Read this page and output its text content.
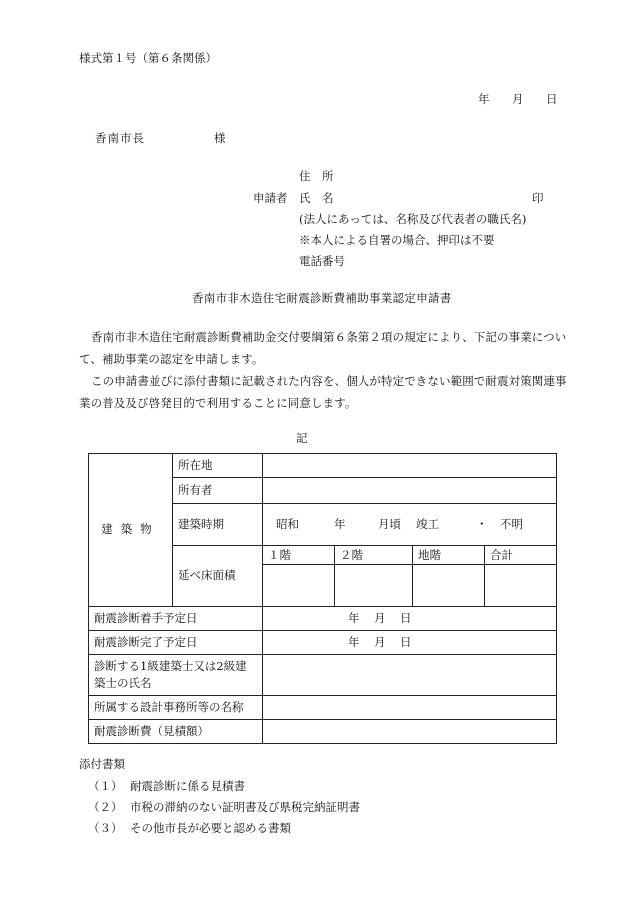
様式第１号（第６条関係）
年 月 日
香南市長	様
住　所
申請者 氏　名	印
(法人にあっては、名称及び代表者の職氏名)
※本人による自署の場合、押印は不要
電話番号
香南市非木造住宅耐震診断費補助事業認定申請書
香南市非木造住宅耐震診断費補助金交付要綱第６条第２項の規定により、下記の事業について、補助事業の認定を申請します。
この申請書並びに添付書類に記載された内容を、個人が特定できない範囲で耐震対策関連事業の普及及び啓発目的で利用することに同意します。
記
建築物	所在地				
	所有者				
	建築時期	昭和 年 月頃 竣工 ・ 不明			
	延べ床面積	１階	２階	地階	合計

耐震診断着手予定日		年 月 日			
耐震診断完了予定日		年 月 日			
診断する1級建築士又は2級建築士の氏名					
所属する設計事務所等の名称					
耐震診断費（見積額）					
添付書類
（１） 耐震診断に係る見積書
（２） 市税の滞納のない証明書及び県税完納証明書
（３） その他市長が必要と認める書類
